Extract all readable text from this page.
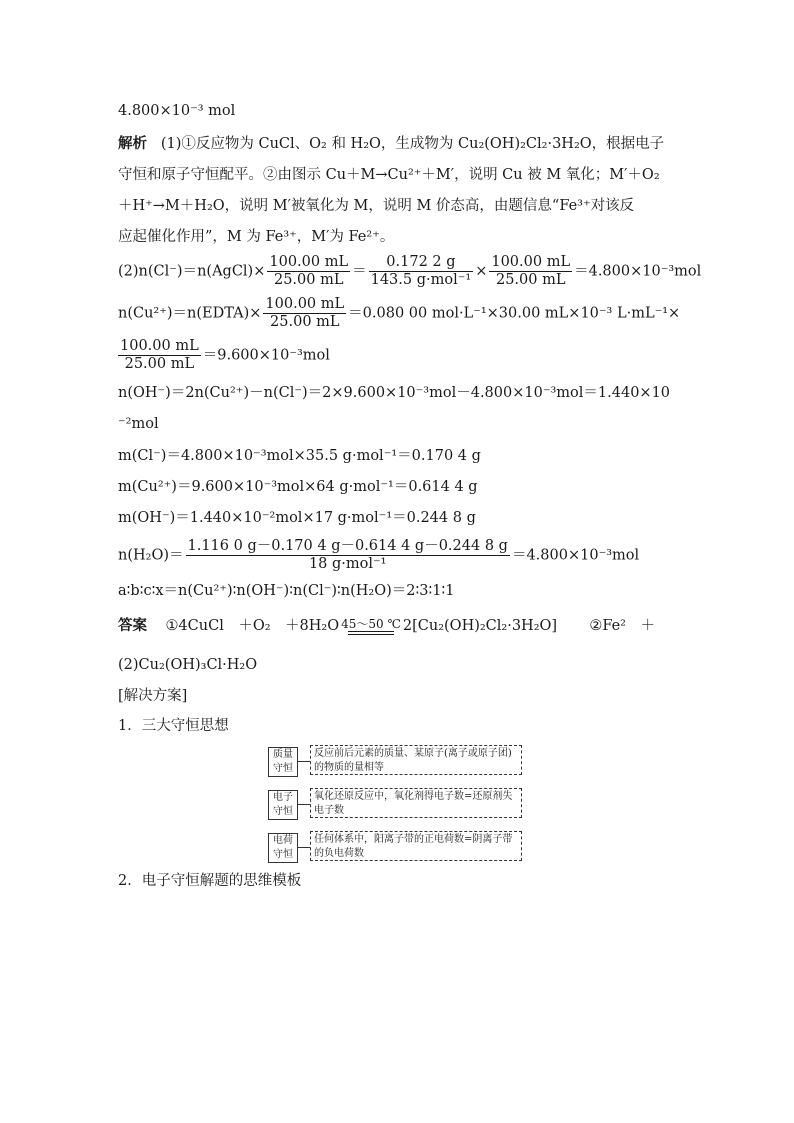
4.800×10⁻³ mol
解析 (1)①反应物为 CuCl、O₂ 和 H₂O，生成物为 Cu₂(OH)₂Cl₂·3H₂O，根据电子
守恒和原子守恒配平。②由图示 Cu＋M→Cu²⁺＋M′，说明 Cu 被 M 氧化；M′＋O₂
＋H⁺→M＋H₂O，说明 M′被氧化为 M，说明 M 价态高，由题信息“Fe³⁺对该反
应起催化作用”，M 为 Fe³⁺，M′为 Fe²⁺。
(2)n(Cl⁻)＝n(AgCl)× $\frac{100.00 mL}{25.00 mL} = \frac{0.172 2 g}{\text{143.5 g·mol⁻¹}} \times \frac{100.00 mL}{25.00 mL} =4.800\times 10^{-3}mol$
n(Cu²⁺)＝n(EDTA)× $\frac{100.00 mL}{25.00 mL} =0.080$ 00 mol·L⁻¹×30.00 mL×10⁻³ L·mL⁻¹×
$\frac{100.00 mL}{25.00 mL} =9.600\times 10^{-3}mol$
n(OH⁻)＝2n(Cu²⁺)－n(Cl⁻)＝2×9.600×10⁻³mol－4.800×10⁻³mol＝1.440×10
⁻²mol
m(Cl⁻)＝4.800×10⁻³mol×35.5 g·mol⁻¹＝0.170 4 g
m(Cu²⁺)＝9.600×10⁻³mol×64 g·mol⁻¹＝0.614 4 g
m(OH⁻)＝1.440×10⁻²mol×17 g·mol⁻¹＝0.244 8 g
$n(H_2O)= \frac{1.116 0 g-0.170 4 g-0.614 4 g-0.244 8 g}{\text{18 g·mol⁻¹}} =4.800\times 10^{-3}mol$
a∶b∶c∶x＝n(Cu²⁺)∶n(OH⁻)∶n(Cl⁻)∶n(H₂O)＝2∶3∶1∶1
答案 ①4CuCl　＋O₂　＋8H₂O 45～50 ℃ 2[Cu₂(OH)₂Cl₂·3H₂O] ②Fe²　＋
(2)Cu₂(OH)₃Cl·H₂O
[解决方案]
1．三大守恒思想
2．电子守恒解题的思维模板
质量守恒
反应前后元素的质量、某原子(离子或原子团)的物质的量相等
电子守恒
氧化还原反应中，氧化剂得电子数=还原剂失电子数
电荷守恒
任何体系中，阳离子带的正电荷数=阴离子带的负电荷数
